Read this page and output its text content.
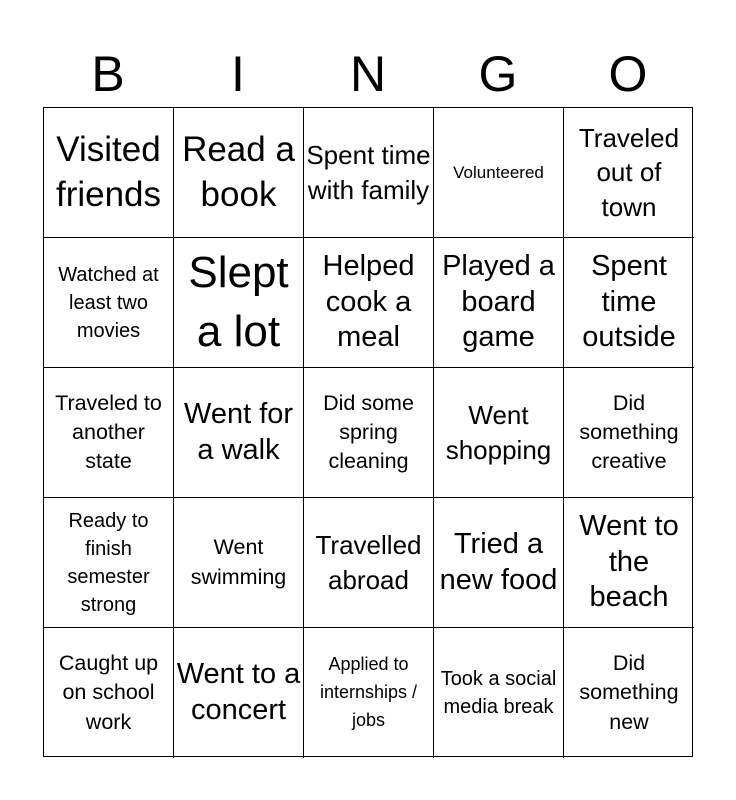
B	I	N	G	O
Visited friends
Read a book
Spent time with family
Volunteered
Traveled out of town
Watched at least two movies
Slept a lot
Helped cook a meal
Played a board game
Spent time outside
Traveled to another state
Went for a walk
Did some spring cleaning
Went shopping
Did something creative
Ready to finish semester strong
Went swimming
Travelled abroad
Tried a new food
Went to the beach
Caught up on school work
Went to a concert
Applied to internships / jobs
Took a social media break
Did something new
